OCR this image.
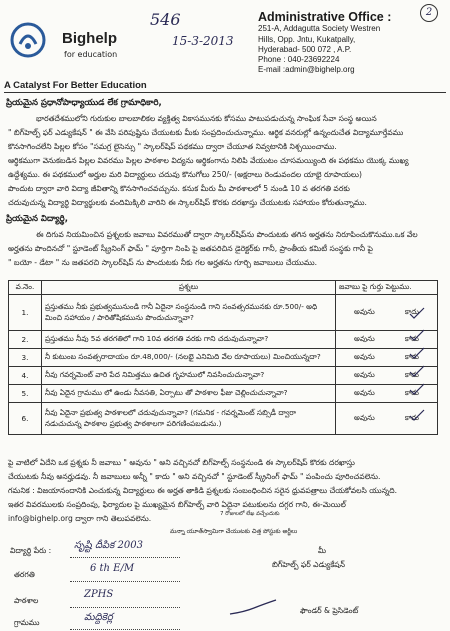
Bighelp
for education
A Catalyst For Better Education
546
15-3-2013
Administrative Office :
251-A, Addagutta Society Westren
Hills, Opp. Jntu, Kukatpally,
Hyderabad- 500 072 , A.P.
Phone : 040-23692224
E-mail :admin@bighelp.org
2
ప్రియమైన ప్రధానోపాధ్యాయుడ లేక గ్రామాధికారి,
భారతదేశములోని గురుకుల బాలబాలికల వ్యక్తిత్వ వికాసమునకు కోసము పాటుపడుచున్న సాంఘిక సేవా సంస్థ అయిన
" బిగ్‌హెల్ప్ ఫర్ ఎడ్యుకేషన్ " ఈ వేసి పరిపుష్టిను చేయుటకు మీకు సంప్రదించుచున్నాము. ఆర్థిక వనరుల్లో ఉన్నందుచేత విద్యామూర్తేవము
కొనసాగించలేని పిల్లల కోసం "సమగ్ర లైసెన్సు " స్కాలర్‌షిప్ పథకము ద్వారా చేయూత నివ్వటానికి నిశ్చయించాము.
ఆర్థికముగా వెనుకబడిన పిల్లల వివరము పిల్లల పాఠశాల విద్యను ఆర్థికంగాను నిలిపి వేయుటం చూసమయ్యింది ఈ పథకము యొక్క ముఖ్య
ఉద్దేశ్యము. ఈ పథకములో అర్హుల మరి విద్యార్థులు చదువు కొనుగోలు 250/- (అక్షరాలు రెండువందల యాభై రూపాయలు)
పొందుట ద్వారా వారి విద్యా జీవితాన్ని కొనసాగించవచ్చును. కనుక మీరు మీ పాఠశాలలో 5 నుండి 10 వ తరగతి వరకు
చదువుచున్న విద్యార్థి విద్యార్థులకు వందిమిక్కిలి వారిని ఈ స్కాలర్‌షిప్ కొరకు దరఖాస్తు చేయుటకు సహాయం కోరుతున్నాము.
ప్రియమైన విద్యార్థి,
ఈ దిగువ నియమించిన ప్రశ్నలకు జవాబు వివరముతో ద్వారా స్కాలర్‌షిప్‌ను పొందుటకు తగిన అర్హతను నిరూపించుకొనుము.ఒక వేల
అర్హతను పొందినచో " స్టూడెంట్ స్క్రీనింగ్ ఫామ్ " పూర్తిగా నింపి పై జతపరిచిన డైరెక్టర్‌కు గానీ, ప్రాంతీయ కమిటీ సంస్థకు గానీ పై
" బయో - డేటా " ను జతపరచి స్కాలర్‌షిప్‌ ను పొందుటకు నీకు గల అర్హతను గూర్చి జవాబులు చేయుము.
వ.నెం.	ప్రశ్నలు	జవాబు పై గుర్తు పెట్టుము.
1.	ప్రస్తుతము నీకు ప్రభుత్వమునుండి గానీ ఏదైనా సంస్థనుండి గాని సంవత్సరమునకు రూ.500/- అధి మించి సహాయం / పారితోషికమును పొందుచున్నావా?	అవును కాదు

2.	ప్రస్తుతము నీవు 5వ తరగతిలో గాని 10వ తరగతి వరకు గాని చదువుచున్నావా?	అవును కాదు

3.	నీ కుటుంబ సంవత్సరాదాయం రూ.48,000/- (నలభై ఎనిమిది వేల రూపాయలు) మించియున్నదా?	అవును కాదు

4.	నీవు గవర్నమెంట్ వారి పేద నిమిత్తము ఉచిత గృహములో నివసించుచున్నావా?	అవును కాదు

5.	నీవు ఏదైన గ్రామము లో ఉండు నీవసతి, ఏర్పాటు తో పాఠశాల ఫీజు చెల్లించుచున్నావా?	అవును కాదు

6.	నీవు ఏదైనా ప్రభుత్వ పాఠశాలలో చదువుచున్నావా? (గమనిక - గవర్నమెంట్ సబ్సిడీ ద్వారా నడుచుచున్న పాఠశాల ప్రభుత్వ పాఠశాలగా పరిగణింపబడును.)	అవును కాదు
పై వాటిలో ఏదేని ఒక ప్రశ్నకు నీ జవాబు " అవును " అని వచ్చినచో బిగ్‌హెల్ప్ సంస్థనుండి ఈ స్కాలర్‌షిప్ కొరకు దరఖాస్తు
చేయుటకు నీవు అనర్హుడవు. నీ జవాబులు అన్నీ " కాదు " అని వచ్చినచో " స్టూడెంట్ స్క్రీనింగ్ ఫామ్ " పంపించు పూరించవలెను.
గమనిక : విజయానందానికి ఎంచుకున్న విద్యార్థులు ఈ అర్హత తాకిడి ప్రశ్నలకు సంబంధించిన సరైన ధ్రువపత్రాలు చేయకోవలసి యున్నది.
ఇతర వివరములకు సంప్రదింపు, ఫిర్యాదుల పై ముఖ్యమైన బిగ్‌హెల్ప్ వారి ఏదైనా పటుకులను దగ్గర గాని, ఈ-మెయిల్
info@bighelp.org ద్వారా గాని తెలుపవలెను.	7 రోజులలో లేఖ వచ్చేందుకు
మన్నా యూత్‌స్వామిగా చేయుటకు చిత్త పోస్టుకు అర్జీలు
విద్యార్థి పేరు : సృష్టి దీపిక 2003
తరగతి
6 th E/M
పాఠశాల
ZPHS
గ్రామము	మద్దికెర్ల
మీ
బిగ్‌హెల్ప్ ఫర్ ఎడ్యుకేషన్
ఫౌండర్ & ప్రెసిడెంట్
